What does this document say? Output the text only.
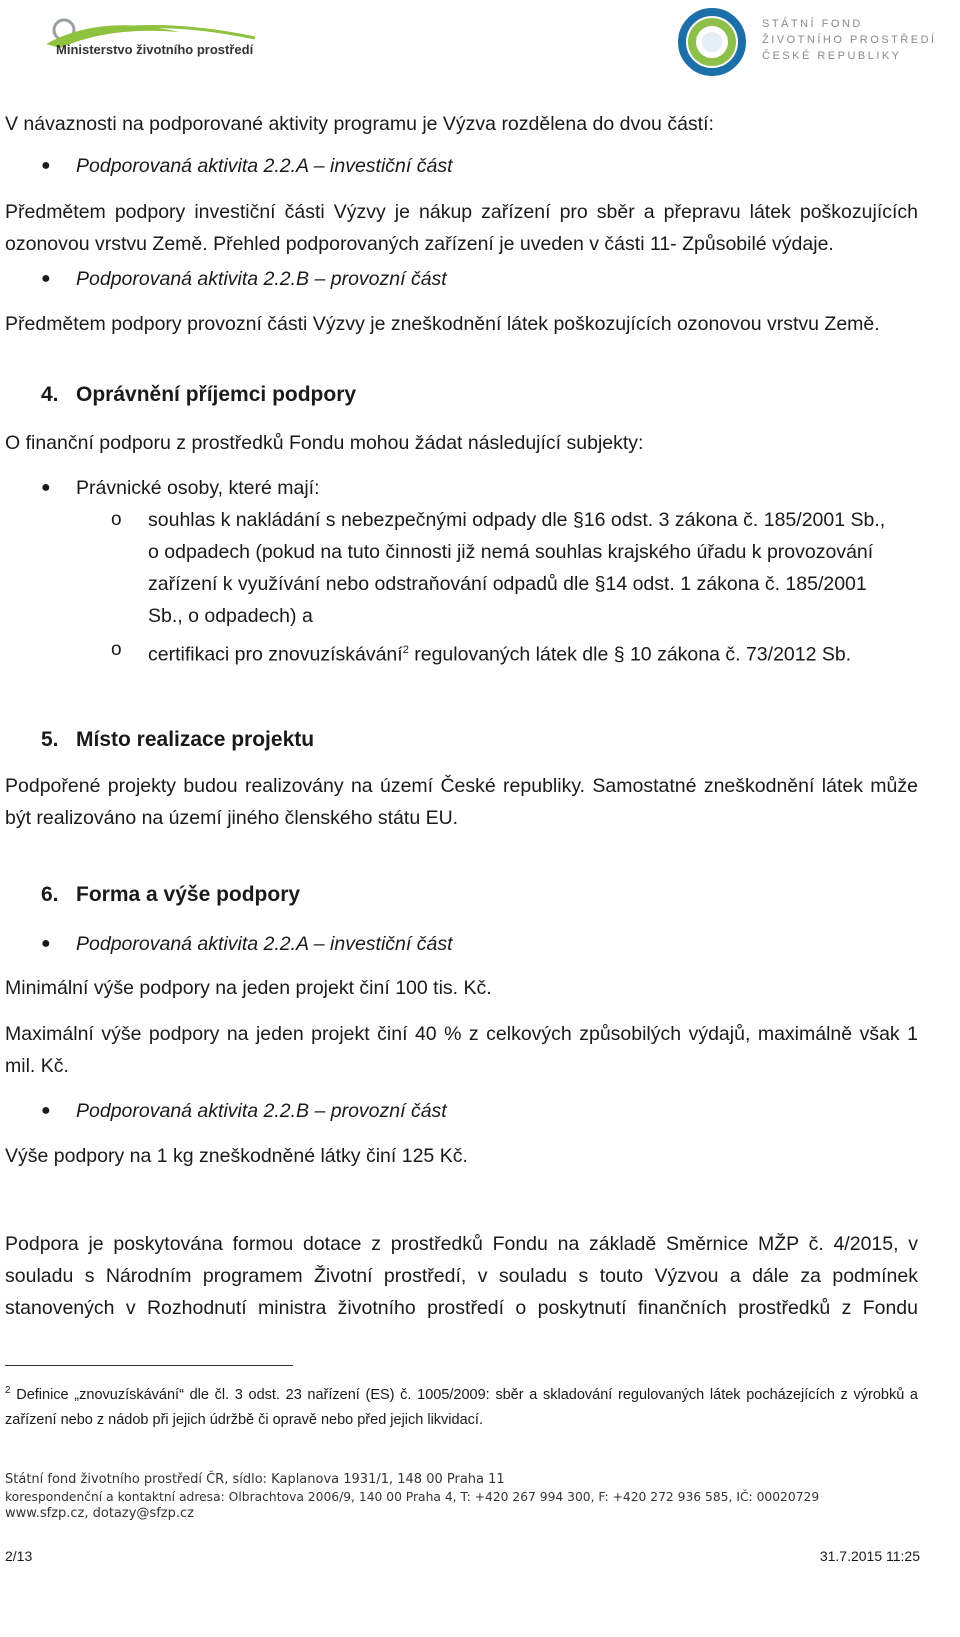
Ministerstvo životního prostředí
STÁTNÍ FOND
ŽIVOTNÍHO PROSTŘEDÍ
ČESKÉ REPUBLIKY
V návaznosti na podporované aktivity programu je Výzva rozdělena do dvou částí:
● Podporovaná aktivita 2.2.A – investiční část
Předmětem podpory investiční části Výzvy je nákup zařízení pro sběr a přepravu látek poškozujících ozonovou vrstvu Země. Přehled podporovaných zařízení je uveden v části 11- Způsobilé výdaje.
● Podporovaná aktivita 2.2.B – provozní část
Předmětem podpory provozní části Výzvy je zneškodnění látek poškozujících ozonovou vrstvu Země.
4. Oprávnění příjemci podpory
O finanční podporu z prostředků Fondu mohou žádat následující subjekty:
● Právnické osoby, které mají:
o souhlas k nakládání s nebezpečnými odpady dle §16 odst. 3 zákona č. 185/2001 Sb.,
o odpadech (pokud na tuto činnosti již nemá souhlas krajského úřadu k provozování
zařízení k využívání nebo odstraňování odpadů dle §14 odst. 1 zákona č. 185/2001
Sb., o odpadech) a
o certifikaci pro znovuzískávání$^2$ regulovaných látek dle § 10 zákona č. 73/2012 Sb.
5. Místo realizace projektu
Podpořené projekty budou realizovány na území České republiky. Samostatné zneškodnění látek může být realizováno na území jiného členského státu EU.
6. Forma a výše podpory
● Podporovaná aktivita 2.2.A – investiční část
Minimální výše podpory na jeden projekt činí 100 tis. Kč.
Maximální výše podpory na jeden projekt činí 40 % z celkových způsobilých výdajů, maximálně však 1 mil. Kč.
● Podporovaná aktivita 2.2.B – provozní část
Výše podpory na 1 kg zneškodněné látky činí 125 Kč.
Podpora je poskytována formou dotace z prostředků Fondu na základě Směrnice MŽP č. 4/2015, v souladu s Národním programem Životní prostředí, v souladu s touto Výzvou a dále za podmínek stanovených v Rozhodnutí ministra životního prostředí o poskytnutí finančních prostředků z Fondu
$^2$ Definice „znovuzískávání“ dle čl. 3 odst. 23 nařízení (ES) č. 1005/2009: sběr a skladování regulovaných látek pocházejících z výrobků a zařízení nebo z nádob při jejich údržbě či opravě nebo před jejich likvidací.
Státní fond životního prostředí ČR, sídlo: Kaplanova 1931/1, 148 00 Praha 11
korespondenční a kontaktní adresa: Olbrachtova 2006/9, 140 00 Praha 4, T: +420 267 994 300, F: +420 272 936 585, IČ: 00020729
www.sfzp.cz, dotazy@sfzp.cz
2/13	31.7.2015 11:25
